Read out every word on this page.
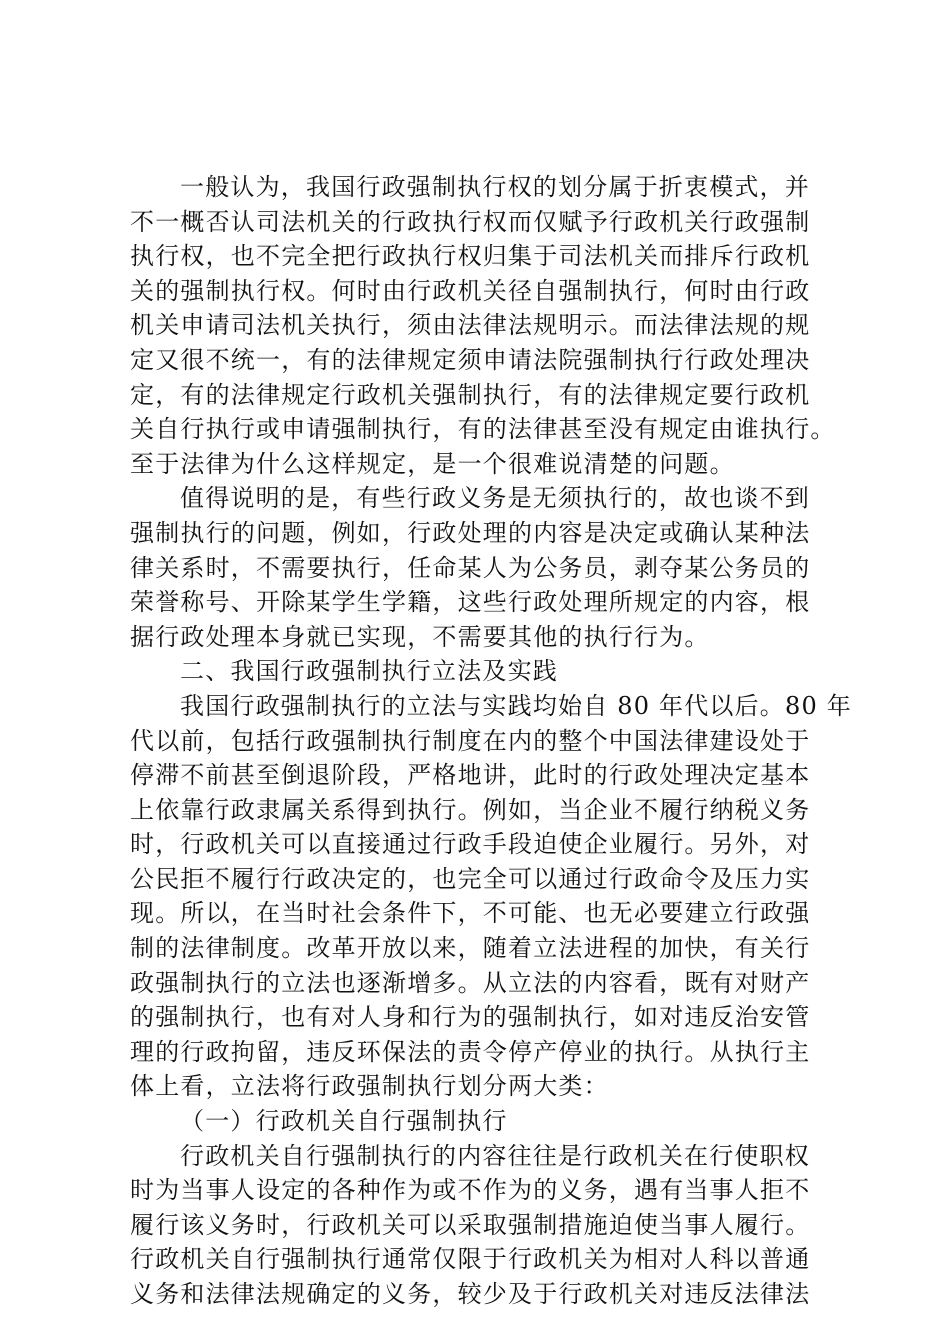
一般认为，我国行政强制执行权的划分属于折衷模式，并
不一概否认司法机关的行政执行权而仅赋予行政机关行政强制
执行权，也不完全把行政执行权归集于司法机关而排斥行政机
关的强制执行权。何时由行政机关径自强制执行，何时由行政
机关申请司法机关执行，须由法律法规明示。而法律法规的规
定又很不统一，有的法律规定须申请法院强制执行行政处理决
定，有的法律规定行政机关强制执行，有的法律规定要行政机
关自行执行或申请强制执行，有的法律甚至没有规定由谁执行。
至于法律为什么这样规定，是一个很难说清楚的问题。
值得说明的是，有些行政义务是无须执行的，故也谈不到
强制执行的问题，例如，行政处理的内容是决定或确认某种法
律关系时，不需要执行，任命某人为公务员，剥夺某公务员的
荣誉称号、开除某学生学籍，这些行政处理所规定的内容，根
据行政处理本身就已实现，不需要其他的执行行为。
二、我国行政强制执行立法及实践
我国行政强制执行的立法与实践均始自 80 年代以后。80 年
代以前，包括行政强制执行制度在内的整个中国法律建设处于
停滞不前甚至倒退阶段，严格地讲，此时的行政处理决定基本
上依靠行政隶属关系得到执行。例如，当企业不履行纳税义务
时，行政机关可以直接通过行政手段迫使企业履行。另外，对
公民拒不履行行政决定的，也完全可以通过行政命令及压力实
现。所以，在当时社会条件下，不可能、也无必要建立行政强
制的法律制度。改革开放以来，随着立法进程的加快，有关行
政强制执行的立法也逐渐增多。从立法的内容看，既有对财产
的强制执行，也有对人身和行为的强制执行，如对违反治安管
理的行政拘留，违反环保法的责令停产停业的执行。从执行主
体上看，立法将行政强制执行划分两大类：
（一）行政机关自行强制执行
行政机关自行强制执行的内容往往是行政机关在行使职权
时为当事人设定的各种作为或不作为的义务，遇有当事人拒不
履行该义务时，行政机关可以采取强制措施迫使当事人履行。
行政机关自行强制执行通常仅限于行政机关为相对人科以普通
义务和法律法规确定的义务，较少及于行政机关对违反法律法
